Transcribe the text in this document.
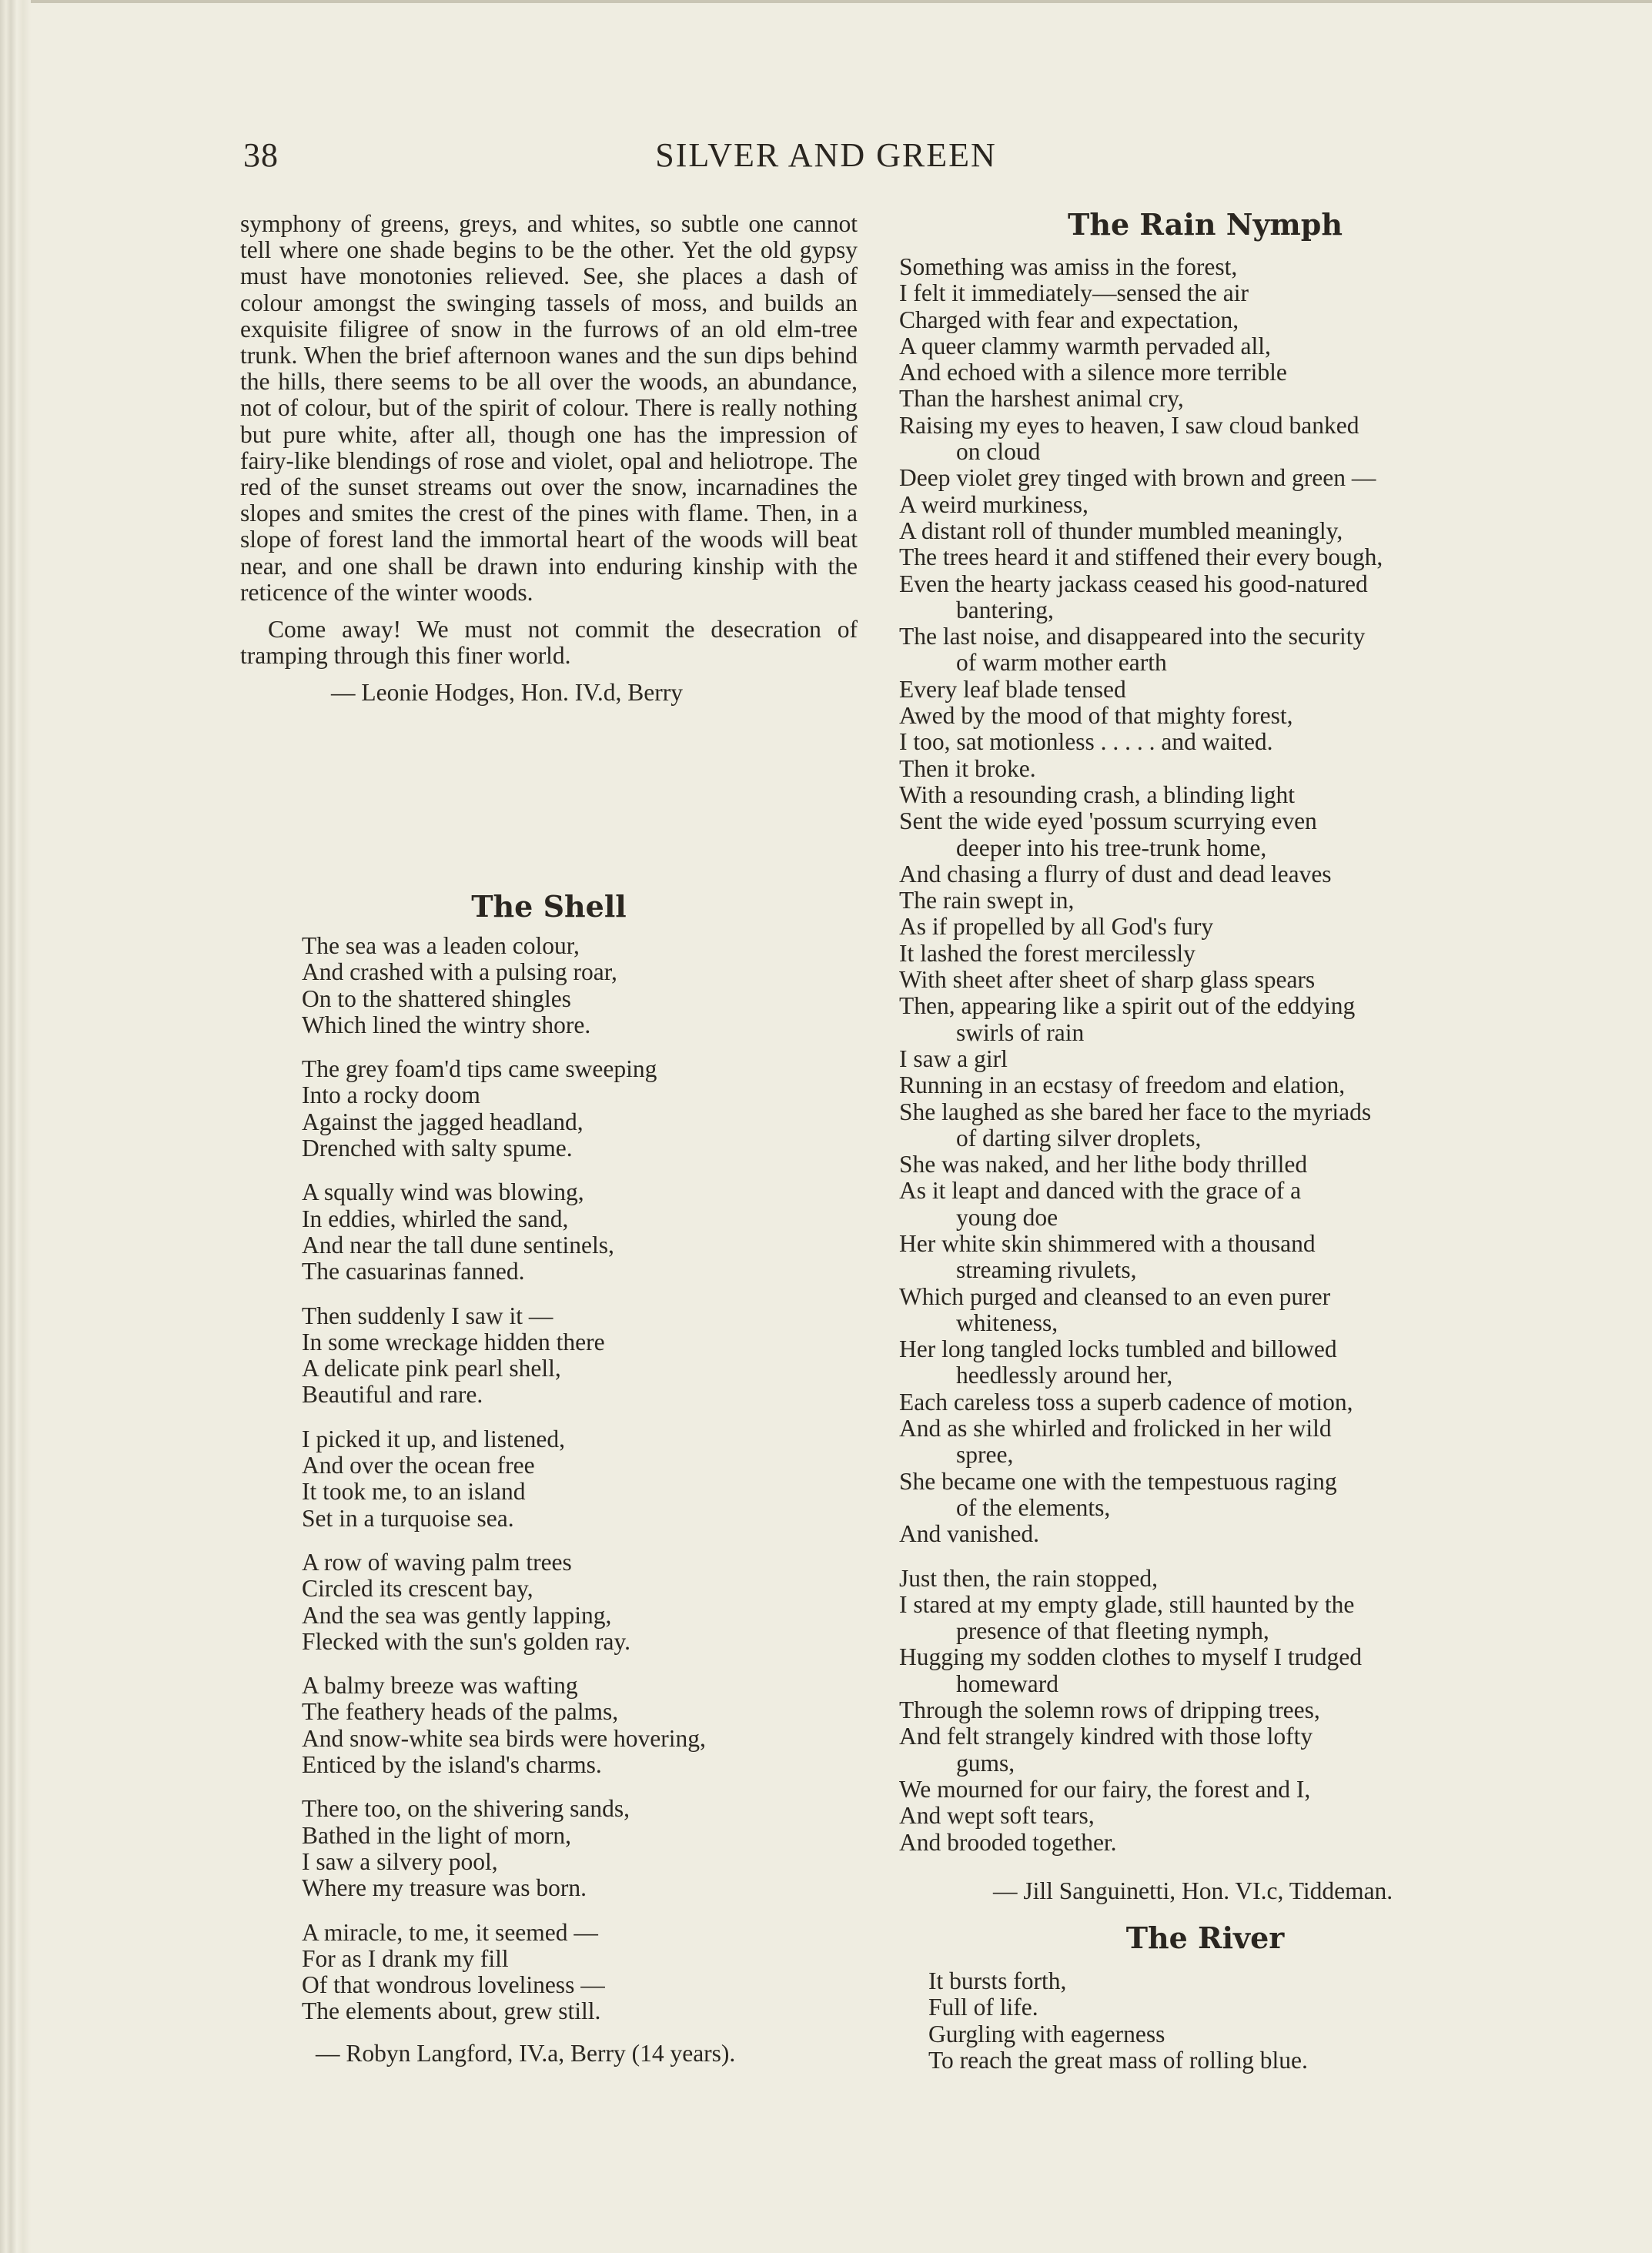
38	SILVER AND GREEN

symphony of greens, greys, and whites, so subtle one cannot tell where one shade begins to be the other. Yet the old gypsy must have monotonies relieved. See, she places a dash of colour amongst the swinging tassels of moss, and builds an exquisite filigree of snow in the furrows of an old elm-tree trunk. When the brief afternoon wanes and the sun dips behind the hills, there seems to be all over the woods, an abundance, not of colour, but of the spirit of colour. There is really nothing but pure white, after all, though one has the impression of fairy-like blendings of rose and violet, opal and heliotrope. The red of the sunset streams out over the snow, incarnadines the slopes and smites the crest of the pines with flame. Then, in a slope of forest land the immortal heart of the woods will beat near, and one shall be drawn into enduring kinship with the reticence of the winter woods.

Come away! We must not commit the desecration of tramping through this finer world.

— Leonie Hodges, Hon. IV.d, Berry

The Shell
The sea was a leaden colour,
And crashed with a pulsing roar,
On to the shattered shingles
Which lined the wintry shore.
The grey foam'd tips came sweeping
Into a rocky doom
Against the jagged headland,
Drenched with salty spume.
A squally wind was blowing,
In eddies, whirled the sand,
And near the tall dune sentinels,
The casuarinas fanned.
Then suddenly I saw it —
In some wreckage hidden there
A delicate pink pearl shell,
Beautiful and rare.
I picked it up, and listened,
And over the ocean free
It took me, to an island
Set in a turquoise sea.
A row of waving palm trees
Circled its crescent bay,
And the sea was gently lapping,
Flecked with the sun's golden ray.
A balmy breeze was wafting
The feathery heads of the palms,
And snow-white sea birds were hovering,
Enticed by the island's charms.
There too, on the shivering sands,
Bathed in the light of morn,
I saw a silvery pool,
Where my treasure was born.
A miracle, to me, it seemed —
For as I drank my fill
Of that wondrous loveliness —
The elements about, grew still.

— Robyn Langford, IV.a, Berry (14 years).

The Rain Nymph
Something was amiss in the forest,
I felt it immediately—sensed the air
Charged with fear and expectation,
A queer clammy warmth pervaded all,
And echoed with a silence more terrible
Than the harshest animal cry,
Raising my eyes to heaven, I saw cloud banked
on cloud
Deep violet grey tinged with brown and green —
A weird murkiness,
A distant roll of thunder mumbled meaningly,
The trees heard it and stiffened their every bough,
Even the hearty jackass ceased his good-natured
bantering,
The last noise, and disappeared into the security
of warm mother earth
Every leaf blade tensed
Awed by the mood of that mighty forest,
I too, sat motionless . . . . . and waited.
Then it broke.
With a resounding crash, a blinding light
Sent the wide eyed 'possum scurrying even
deeper into his tree-trunk home,
And chasing a flurry of dust and dead leaves
The rain swept in,
As if propelled by all God's fury
It lashed the forest mercilessly
With sheet after sheet of sharp glass spears
Then, appearing like a spirit out of the eddying
swirls of rain
I saw a girl
Running in an ecstasy of freedom and elation,
She laughed as she bared her face to the myriads
of darting silver droplets,
She was naked, and her lithe body thrilled
As it leapt and danced with the grace of a
young doe
Her white skin shimmered with a thousand
streaming rivulets,
Which purged and cleansed to an even purer
whiteness,
Her long tangled locks tumbled and billowed
heedlessly around her,
Each careless toss a superb cadence of motion,
And as she whirled and frolicked in her wild
spree,
She became one with the tempestuous raging
of the elements,
And vanished.
Just then, the rain stopped,
I stared at my empty glade, still haunted by the
presence of that fleeting nymph,
Hugging my sodden clothes to myself I trudged
homeward
Through the solemn rows of dripping trees,
And felt strangely kindred with those lofty
gums,
We mourned for our fairy, the forest and I,
And wept soft tears,
And brooded together.

— Jill Sanguinetti, Hon. VI.c, Tiddeman.

The River
It bursts forth,
Full of life.
Gurgling with eagerness
To reach the great mass of rolling blue.
